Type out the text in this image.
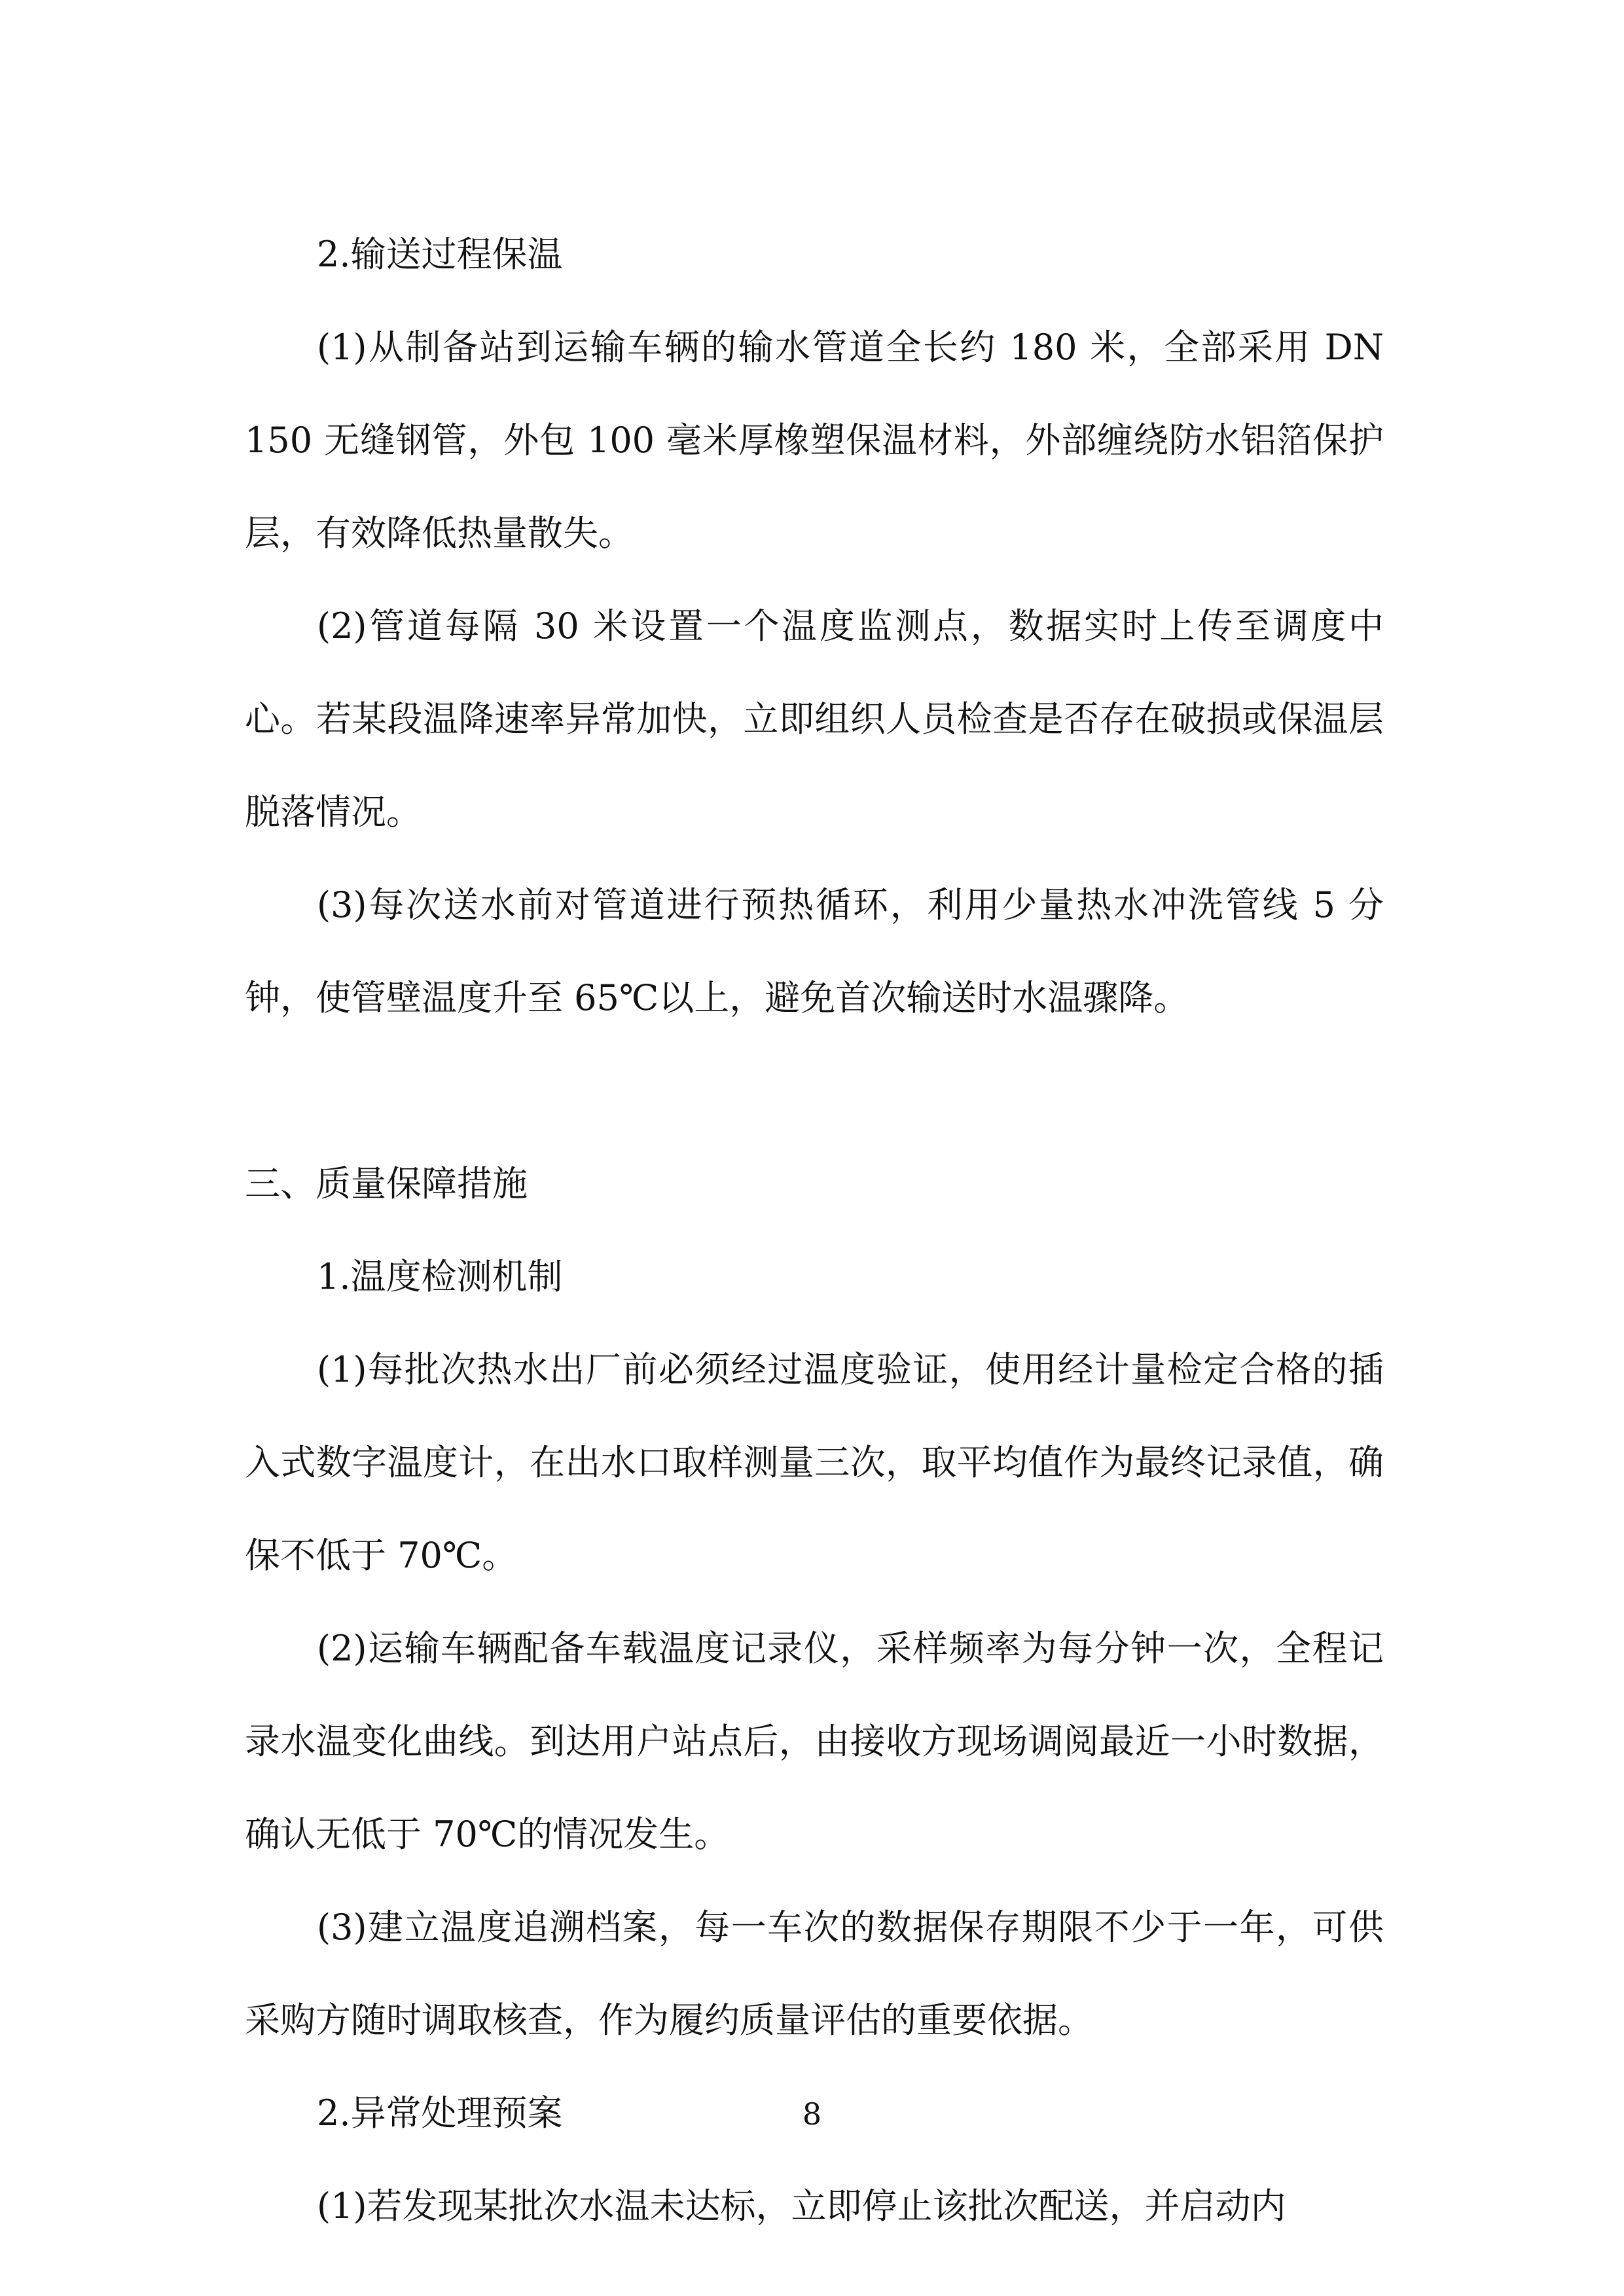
2.输送过程保温

(1)从制备站到运输车辆的输水管道全长约 180 米，全部采用 DN 150 无缝钢管，外包 100 毫米厚橡塑保温材料，外部缠绕防水铝箔保护层，有效降低热量散失。

(2)管道每隔 30 米设置一个温度监测点，数据实时上传至调度中心。若某段温降速率异常加快，立即组织人员检查是否存在破损或保温层脱落情况。

(3)每次送水前对管道进行预热循环，利用少量热水冲洗管线 5 分钟，使管壁温度升至 65℃以上，避免首次输送时水温骤降。

三、质量保障措施

1.温度检测机制

(1)每批次热水出厂前必须经过温度验证，使用经计量检定合格的插入式数字温度计，在出水口取样测量三次，取平均值作为最终记录值，确保不低于 70℃。

(2)运输车辆配备车载温度记录仪，采样频率为每分钟一次，全程记录水温变化曲线。到达用户站点后，由接收方现场调阅最近一小时数据，确认无低于 70℃的情况发生。

(3)建立温度追溯档案，每一车次的数据保存期限不少于一年，可供采购方随时调取核查，作为履约质量评估的重要依据。

2.异常处理预案

(1)若发现某批次水温未达标，立即停止该批次配送，并启动内

8
